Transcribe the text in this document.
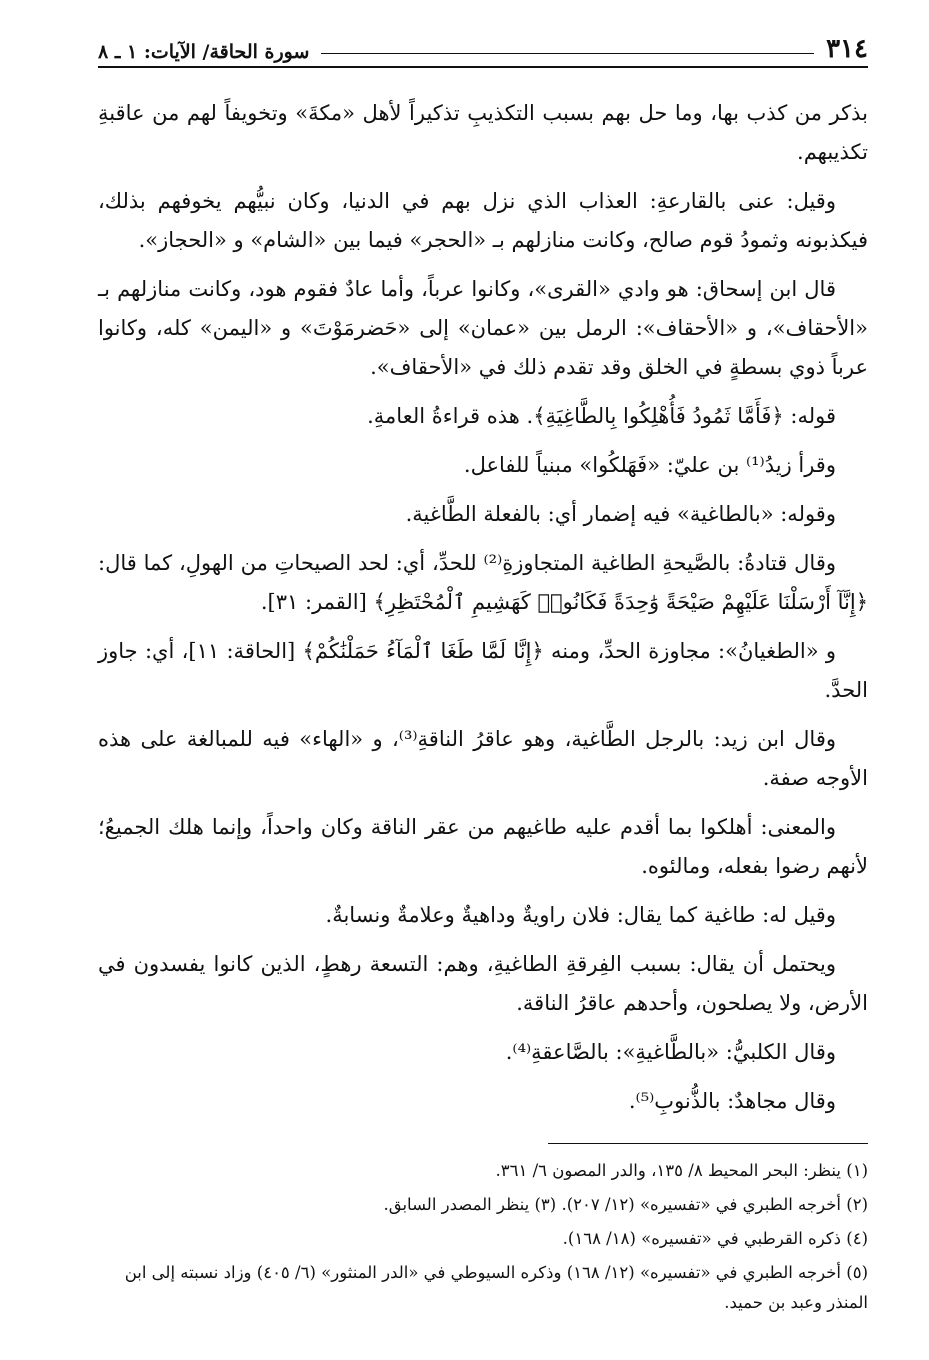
٣١٤
سورة الحاقة/ الآيات: ١ ـ ٨

بذكر من كذب بها، وما حل بهم بسبب التكذيبِ تذكيراً لأهل «مكةَ» وتخويفاً لهم من عاقبةِ تكذيبهم.

وقيل: عنى بالقارعةِ: العذاب الذي نزل بهم في الدنيا، وكان نبيُّهم يخوفهم بذلك، فيكذبونه وثمودُ قوم صالح، وكانت منازلهم بـ «الحجر» فيما بين «الشام» و «الحجاز».

قال ابن إسحاق: هو وادي «القرى»، وكانوا عرباً، وأما عادٌ فقوم هود، وكانت منازلهم بـ «الأحقاف»، و «الأحقاف»: الرمل بين «عمان» إلى «حَضرمَوْتَ» و «اليمن» كله، وكانوا عرباً ذوي بسطةٍ في الخلق وقد تقدم ذلك في «الأحقاف».

قوله: ﴿فَأَمَّا ثَمُودُ فَأُهْلِكُوا بِالطَّاغِيَةِ﴾. هذه قراءةُ العامةِ.

وقرأ زيدُ⁽¹⁾ بن عليّ: «فَهَلكُوا» مبنياً للفاعل.

وقوله: «بالطاغية» فيه إضمار أي: بالفعلة الطَّاغية.

وقال قتادةُ: بالصَّيحةِ الطاغية المتجاوزةِ⁽²⁾ للحدِّ، أي: لحد الصيحاتِ من الهولِ، كما قال: ﴿إِنَّآ أَرْسَلْنَا عَلَيْهِمْ صَيْحَةً وَٰحِدَةً فَكَانُوا۟ كَهَشِيمِ ٱلْمُحْتَظِرِ﴾ [القمر: ٣١].

و «الطغيانُ»: مجاوزة الحدِّ، ومنه ﴿إِنَّا لَمَّا طَغَا ٱلْمَآءُ حَمَلْنَٰكُمْ﴾ [الحاقة: ١١]، أي: جاوز الحدَّ.

وقال ابن زيد: بالرجل الطَّاغية، وهو عاقرُ الناقةِ⁽³⁾، و «الهاء» فيه للمبالغة على هذه الأوجه صفة.

والمعنى: أهلكوا بما أقدم عليه طاغيهم من عقر الناقة وكان واحداً، وإنما هلك الجميعُ؛ لأنهم رضوا بفعله، ومالئوه.

وقيل له: طاغية كما يقال: فلان راويةٌ وداهيةٌ وعلامةٌ ونسابةٌ.

ويحتمل أن يقال: بسبب الفِرقةِ الطاغيةِ، وهم: التسعة رهطٍ، الذين كانوا يفسدون في الأرض، ولا يصلحون، وأحدهم عاقرُ الناقة.

وقال الكلبيُّ: «بالطَّاغيةِ»: بالصَّاعقةِ⁽⁴⁾.

وقال مجاهدٌ: بالذُّنوبِ⁽⁵⁾.

(١) ينظر: البحر المحيط ٨/ ١٣٥، والدر المصون ٦/ ٣٦١.

(٢) أخرجه الطبري في «تفسيره» (١٢/ ٢٠٧). (٣) ينظر المصدر السابق.

(٤) ذكره القرطبي في «تفسيره» (١٨/ ١٦٨).

(٥) أخرجه الطبري في «تفسيره» (١٢/ ١٦٨) وذكره السيوطي في «الدر المنثور» (٦/ ٤٠٥) وزاد نسبته إلى ابن المنذر وعبد بن حميد.
